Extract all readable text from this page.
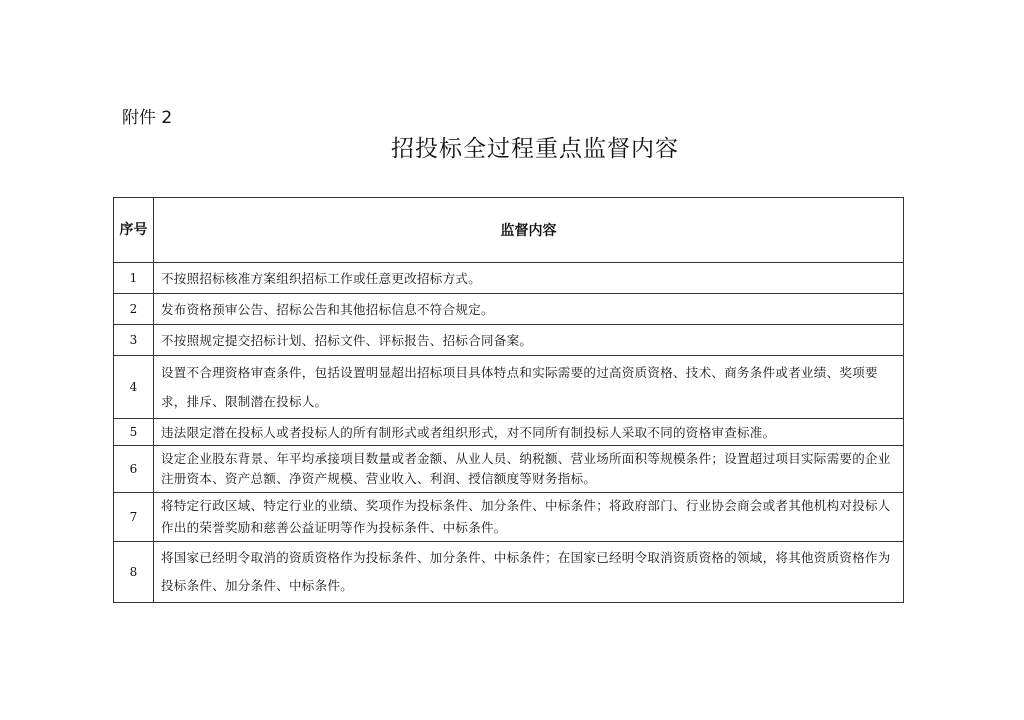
附件 2
招投标全过程重点监督内容
序号	监督内容
1	不按照招标核准方案组织招标工作或任意更改招标方式。
2	发布资格预审公告、招标公告和其他招标信息不符合规定。
3	不按照规定提交招标计划、招标文件、评标报告、招标合同备案。
4	设置不合理资格审查条件，包括设置明显超出招标项目具体特点和实际需要的过高资质资格、技术、商务条件或者业绩、奖项要求，排斥、限制潜在投标人。
5	违法限定潜在投标人或者投标人的所有制形式或者组织形式，对不同所有制投标人采取不同的资格审查标准。
6	设定企业股东背景、年平均承接项目数量或者金额、从业人员、纳税额、营业场所面积等规模条件；设置超过项目实际需要的企业注册资本、资产总额、净资产规模、营业收入、利润、授信额度等财务指标。
7	将特定行政区域、特定行业的业绩、奖项作为投标条件、加分条件、中标条件；将政府部门、行业协会商会或者其他机构对投标人作出的荣誉奖励和慈善公益证明等作为投标条件、中标条件。
8	将国家已经明令取消的资质资格作为投标条件、加分条件、中标条件；在国家已经明令取消资质资格的领域，将其他资质资格作为投标条件、加分条件、中标条件。
